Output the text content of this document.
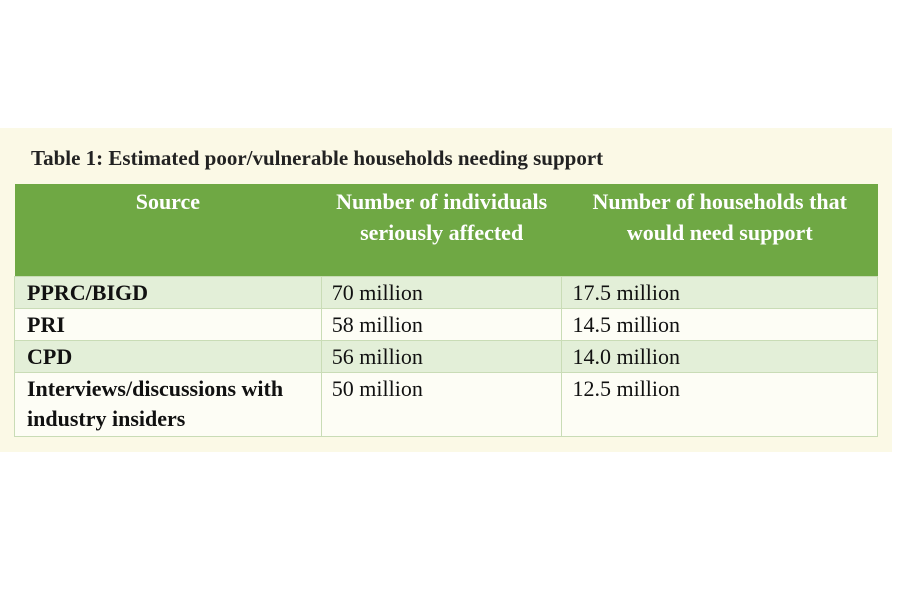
Table 1: Estimated poor/vulnerable households needing support
Source	Number of individuals seriously affected	Number of households that would need support
PPRC/BIGD	70 million	17.5 million
PRI	58 million	14.5 million
CPD	56 million	14.0 million
Interviews/discussions with industry insiders	50 million	12.5 million
